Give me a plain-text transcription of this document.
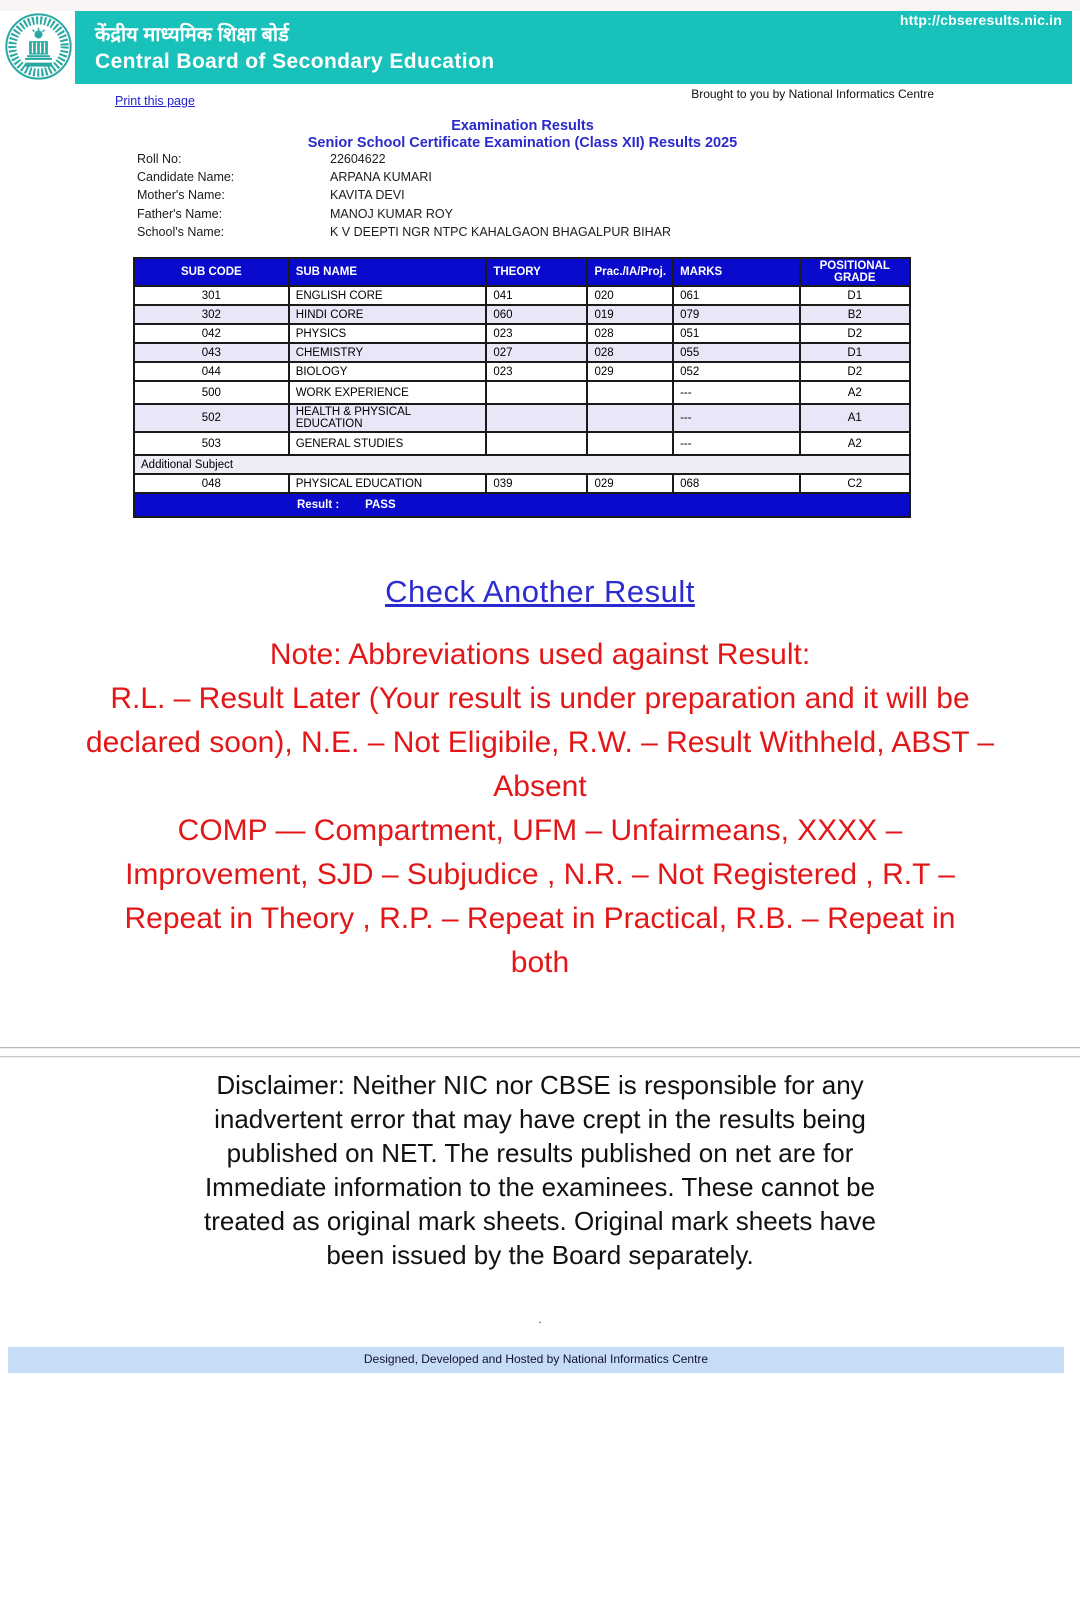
http://cbseresults.nic.in
केंद्रीय माध्यमिक शिक्षा बोर्ड
Central Board of Secondary Education
Print this page	Brought to you by National Informatics Centre
Examination Results
Senior School Certificate Examination (Class XII) Results 2025
Roll No:	22604622
Candidate Name:	ARPANA KUMARI
Mother's Name:	KAVITA DEVI
Father's Name:	MANOJ KUMAR ROY
School's Name:	K V DEEPTI NGR NTPC KAHALGAON BHAGALPUR BIHAR
SUB CODE	SUB NAME	THEORY	Prac./IA/Proj.	MARKS	POSITIONAL GRADE
301	ENGLISH CORE	041	020	061	D1
302	HINDI CORE	060	019	079	B2
042	PHYSICS	023	028	051	D2
043	CHEMISTRY	027	028	055	D1
044	BIOLOGY	023	029	052	D2
500	WORK EXPERIENCE			---	A2
502	HEALTH & PHYSICAL EDUCATION			---	A1
503	GENERAL STUDIES			---	A2
Additional Subject					
048	PHYSICAL EDUCATION	039	029	068	C2
Result : PASS					
Check Another Result
Note: Abbreviations used against Result:
R.L. – Result Later (Your result is under preparation and it will be
declared soon), N.E. – Not Eligibile, R.W. – Result Withheld, ABST –
Absent
COMP — Compartment, UFM – Unfairmeans, XXXX –
Improvement, SJD – Subjudice , N.R. – Not Registered , R.T –
Repeat in Theory , R.P. – Repeat in Practical, R.B. – Repeat in
both
Disclaimer: Neither NIC nor CBSE is responsible for any
inadvertent error that may have crept in the results being
published on NET. The results published on net are for
Immediate information to the examinees. These cannot be
treated as original mark sheets. Original mark sheets have
been issued by the Board separately.
.
Designed, Developed and Hosted by National Informatics Centre
